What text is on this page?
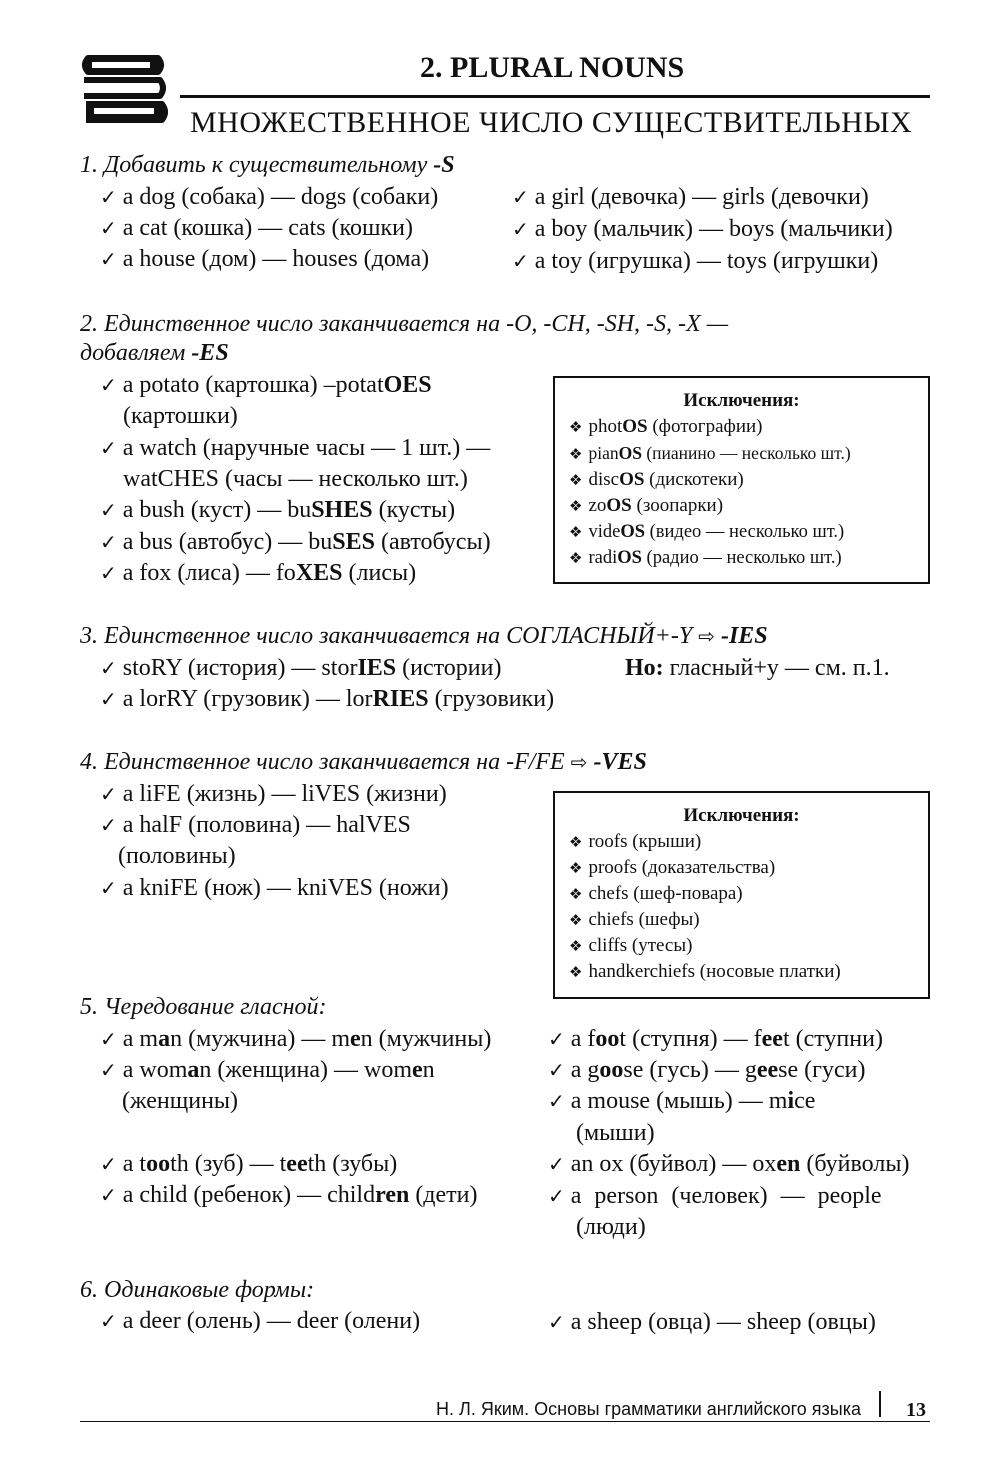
2. PLURAL NOUNS
МНОЖЕСТВЕННОЕ ЧИСЛО СУЩЕСТВИТЕЛЬНЫХ
1. Добавить к существительному -S
✓ a dog (собака) — dogs (собаки)
✓ a cat (кошка) — cats (кошки)
✓ a house (дом) — houses (дома)
✓ a girl (девочка) — girls (девочки)
✓ a boy (мальчик) — boys (мальчики)
✓ a toy (игрушка) — toys (игрушки)
2. Единственное число заканчивается на -O, -CH, -SH, -S, -X —
добавляем -ES
✓ a potato (картошка) –potatOES
(картошки)
✓ a watch (наручные часы — 1 шт.) —
watCHES (часы — несколько шт.)
✓ a bush (куст) — buSHES (кусты)
✓ a bus (автобус) — buSES (автобусы)
✓ a fox (лиса) — foXES (лисы)
Исключения:
❖ photOS (фотографии)
❖ pianOS (пианино — несколько шт.)
❖ discOS (дискотеки)
❖ zoOS (зоопарки)
❖ videOS (видео — несколько шт.)
❖ radiOS (радио — несколько шт.)
3. Единственное число заканчивается на СОГЛАСНЫЙ+-Y ⇨ -IES
✓ stoRY (история) — storIES (истории)
✓ a lorRY (грузовик) — lorRIES (грузовики)
Но: гласный+y — см. п.1.
4. Единственное число заканчивается на -F/FE ⇨ -VES
✓ a liFE (жизнь) — liVES (жизни)
✓ a halF (половина) — halVES
(половины)
✓ a kniFE (нож) — kniVES (ножи)
Исключения:
❖ roofs (крыши)
❖ proofs (доказательства)
❖ chefs (шеф-повара)
❖ chiefs (шефы)
❖ cliffs (утесы)
❖ handkerchiefs (носовые платки)
5. Чередование гласной:
✓ a man (мужчина) — men (мужчины)
✓ a woman (женщина) — women
(женщины)
✓ a tooth (зуб) — teeth (зубы)
✓ a child (ребенок) — children (дети)
✓ a foot (ступня) — feet (ступни)
✓ a goose (гусь) — geese (гуси)
✓ a mouse (мышь) — mice
(мыши)
✓ an ox (буйвол) — oxen (буйволы)
✓ a person (человек) — people
(люди)
6. Одинаковые формы:
✓ a deer (олень) — deer (олени)
✓	a sheep (овца) — sheep (овцы)
Н. Л. Яким. Основы грамматики английского языка 13
